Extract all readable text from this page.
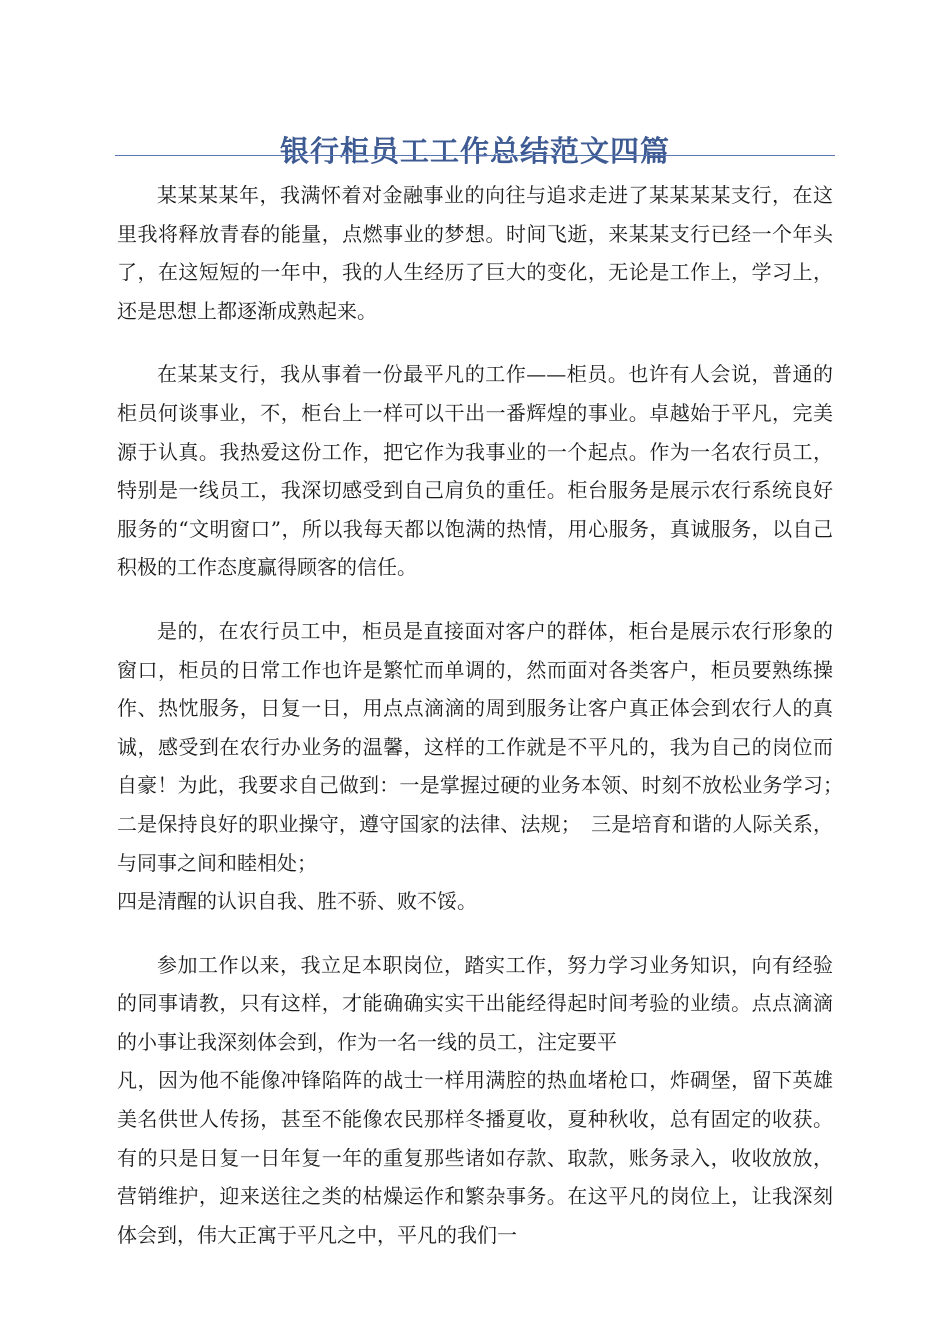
银行柜员工工作总结范文四篇

某某某某年，我满怀着对金融事业的向往与追求走进了某某某某支行，在这里我将释放青春的能量，点燃事业的梦想。时间飞逝，来某某支行已经一个年头了，在这短短的一年中，我的人生经历了巨大的变化，无论是工作上，学习上，还是思想上都逐渐成熟起来。

在某某支行，我从事着一份最平凡的工作——柜员。也许有人会说，普通的柜员何谈事业，不，柜台上一样可以干出一番辉煌的事业。卓越始于平凡，完美源于认真。我热爱这份工作，把它作为我事业的一个起点。作为一名农行员工，特别是一线员工，我深切感受到自己肩负的重任。柜台服务是展示农行系统良好服务的“文明窗口”，所以我每天都以饱满的热情，用心服务，真诚服务，以自己积极的工作态度赢得顾客的信任。

是的，在农行员工中，柜员是直接面对客户的群体，柜台是展示农行形象的窗口，柜员的日常工作也许是繁忙而单调的，然而面对各类客户，柜员要熟练操作、热忱服务，日复一日，用点点滴滴的周到服务让客户真正体会到农行人的真诚，感受到在农行办业务的温馨，这样的工作就是不平凡的，我为自己的岗位而自豪！为此，我要求自己做到：一是掌握过硬的业务本领、时刻不放松业务学习；　二是保持良好的职业操守，遵守国家的法律、法规；　三是培育和谐的人际关系，与同事之间和睦相处；

四是清醒的认识自我、胜不骄、败不馁。

参加工作以来，我立足本职岗位，踏实工作，努力学习业务知识，向有经验的同事请教，只有这样，才能确确实实干出能经得起时间考验的业绩。点点滴滴的小事让我深刻体会到，作为一名一线的员工，注定要平

凡，因为他不能像冲锋陷阵的战士一样用满腔的热血堵枪口，炸碉堡，留下英雄美名供世人传扬，甚至不能像农民那样冬播夏收，夏种秋收，总有固定的收获。有的只是日复一日年复一年的重复那些诸如存款、取款，账务录入，收收放放，营销维护，迎来送往之类的枯燥运作和繁杂事务。在这平凡的岗位上，让我深刻体会到，伟大正寓于平凡之中，平凡的我们一
